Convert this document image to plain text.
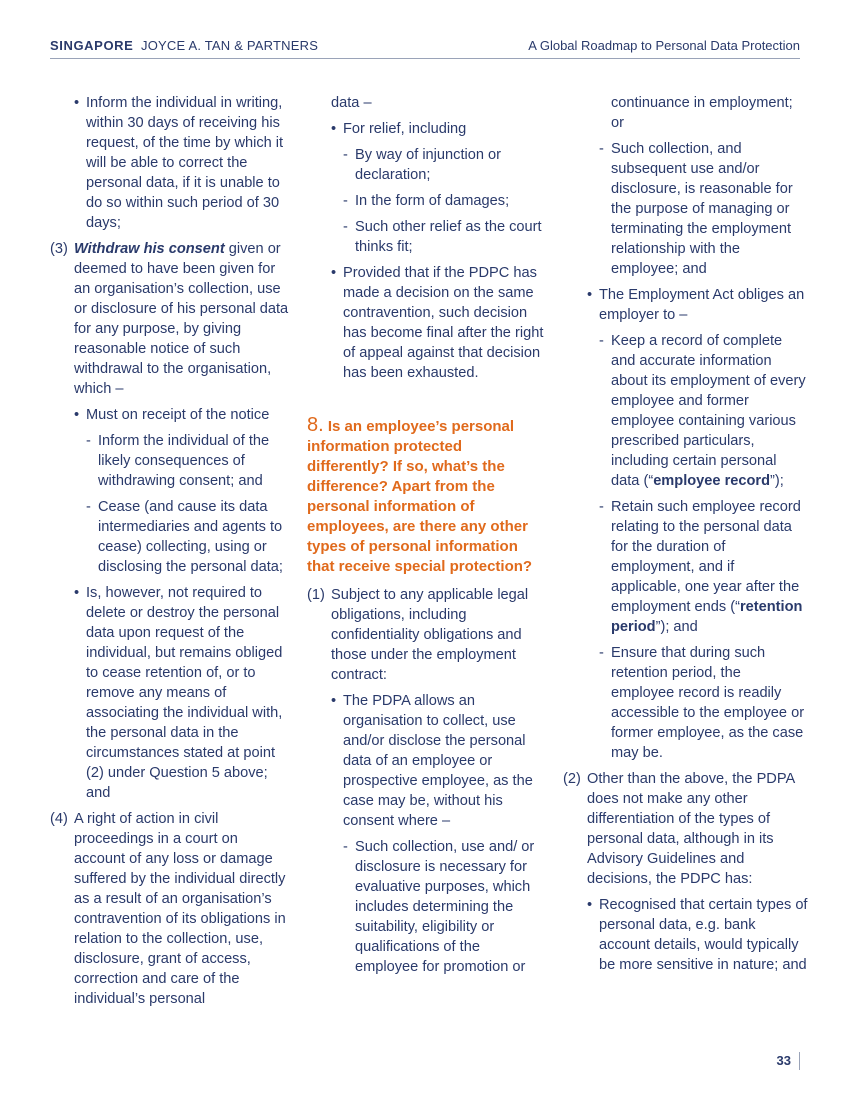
SINGAPORE JOYCE A. TAN & PARTNERS	A Global Roadmap to Personal Data Protection
• Inform the individual in writing, within 30 days of receiving his request, of the time by which it will be able to correct the personal data, if it is unable to do so within such period of 30 days;
(3) Withdraw his consent given or deemed to have been given for an organisation’s collection, use or disclosure of his personal data for any purpose, by giving reasonable notice of such withdrawal to the organisation, which –
• Must on receipt of the notice
- Inform the individual of the likely consequences of withdrawing consent; and
- Cease (and cause its data intermediaries and agents to cease) collecting, using or disclosing the personal data;
• Is, however, not required to delete or destroy the personal data upon request of the individual, but remains obliged to cease retention of, or to remove any means of associating the individual with, the personal data in the circumstances stated at point (2) under Question 5 above; and
(4) A right of action in civil proceedings in a court on account of any loss or damage suffered by the individual directly as a result of an organisation’s contravention of its obligations in relation to the collection, use, disclosure, grant of access, correction and care of the individual’s personal
data –
• For relief, including
- By way of injunction or declaration;
- In the form of damages;
- Such other relief as the court thinks fit;
• Provided that if the PDPC has made a decision on the same contravention, such decision has become final after the right of appeal against that decision has been exhausted.
8. Is an employee’s personal information protected differently? If so, what’s the difference? Apart from the personal information of employees, are there any other types of personal information that receive special protection?
(1) Subject to any applicable legal obligations, including confidentiality obligations and those under the employment contract:
• The PDPA allows an organisation to collect, use and/or disclose the personal data of an employee or prospective employee, as the case may be, without his consent where –
- Such collection, use and/ or disclosure is necessary for evaluative purposes, which includes determining the suitability, eligibility or qualifications of the employee for promotion or
continuance in employment; or
- Such collection, and subsequent use and/or disclosure, is reasonable for the purpose of managing or terminating the employment relationship with the employee; and
• The Employment Act obliges an employer to –
- Keep a record of complete and accurate information about its employment of every employee and former employee containing various prescribed particulars, including certain personal data (“employee record”);
- Retain such employee record relating to the personal data for the duration of employment, and if applicable, one year after the employment ends (“retention period”); and
- Ensure that during such retention period, the employee record is readily accessible to the employee or former employee, as the case may be.
(2) Other than the above, the PDPA does not make any other differentiation of the types of personal data, although in its Advisory Guidelines and decisions, the PDPC has:
• Recognised that certain types of personal data, e.g. bank account details, would typically be more sensitive in nature; and
33
